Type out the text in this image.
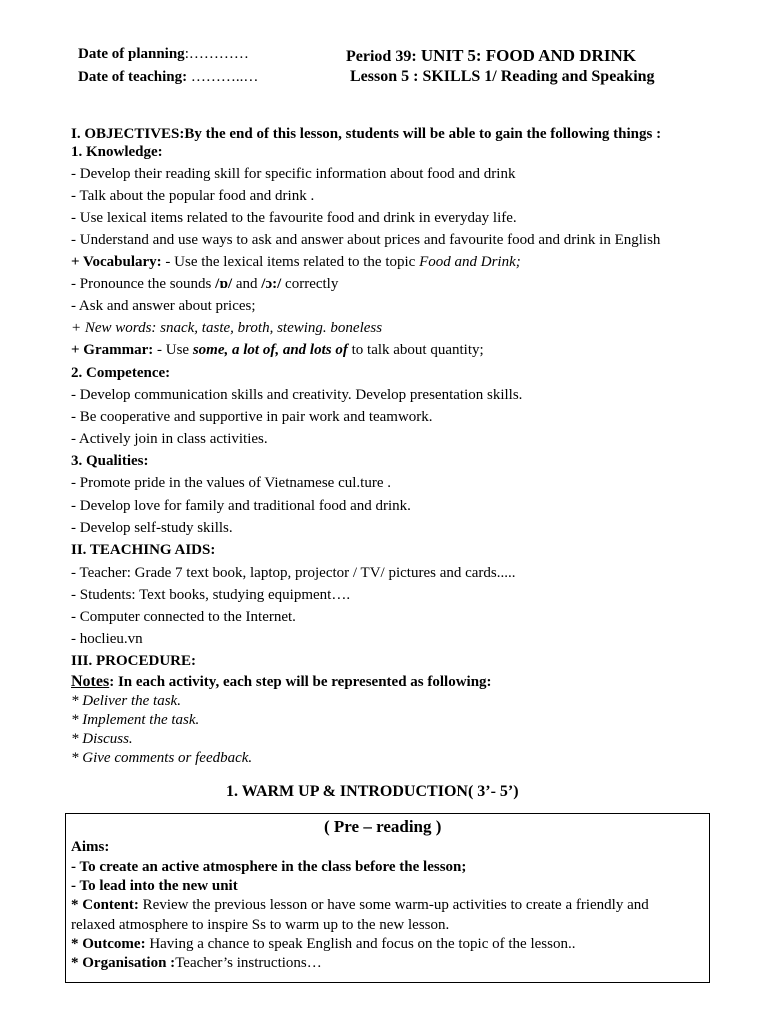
Date of planning:…………
Date of teaching: ………..…
Period 39: UNIT 5: FOOD AND DRINK
Lesson 5 : SKILLS 1/ Reading and Speaking
I. OBJECTIVES:By the end of this lesson, students will be able to gain the following things :
1. Knowledge:
- Develop their reading skill for specific information about food and drink
- Talk about the popular food and drink .
- Use lexical items related to the favourite food and drink in everyday life.
- Understand and use ways to ask and answer about prices and favourite food and drink in English
+ Vocabulary: - Use the lexical items related to the topic Food and Drink;
- Pronounce the sounds /ɒ/ and /ɔ:/ correctly
- Ask and answer about prices;
+ New words: snack, taste, broth, stewing. boneless
+ Grammar: - Use some, a lot of, and lots of to talk about quantity;
2. Competence:
- Develop communication skills and creativity. Develop presentation skills.
- Be cooperative and supportive in pair work and teamwork.
- Actively join in class activities.
3. Qualities:
- Promote pride in the values of Vietnamese cul.ture .
- Develop love for family and traditional food and drink.
- Develop self-study skills.
II. TEACHING AIDS:
- Teacher: Grade 7 text book, laptop, projector / TV/ pictures and cards.....
- Students: Text books, studying equipment….
- Computer connected to the Internet.
- hoclieu.vn
III. PROCEDURE:
Notes: In each activity, each step will be represented as following:
* Deliver the task.
* Implement the task.
* Discuss.
* Give comments or feedback.
1. WARM UP & INTRODUCTION( 3’- 5’)
( Pre – reading )
Aims:
- To create an active atmosphere in the class before the lesson;
- To lead into the new unit
* Content: Review the previous lesson or have some warm-up activities to create a friendly and
relaxed atmosphere to inspire Ss to warm up to the new lesson.
* Outcome: Having a chance to speak English and focus on the topic of the lesson..
* Organisation :Teacher’s instructions…
